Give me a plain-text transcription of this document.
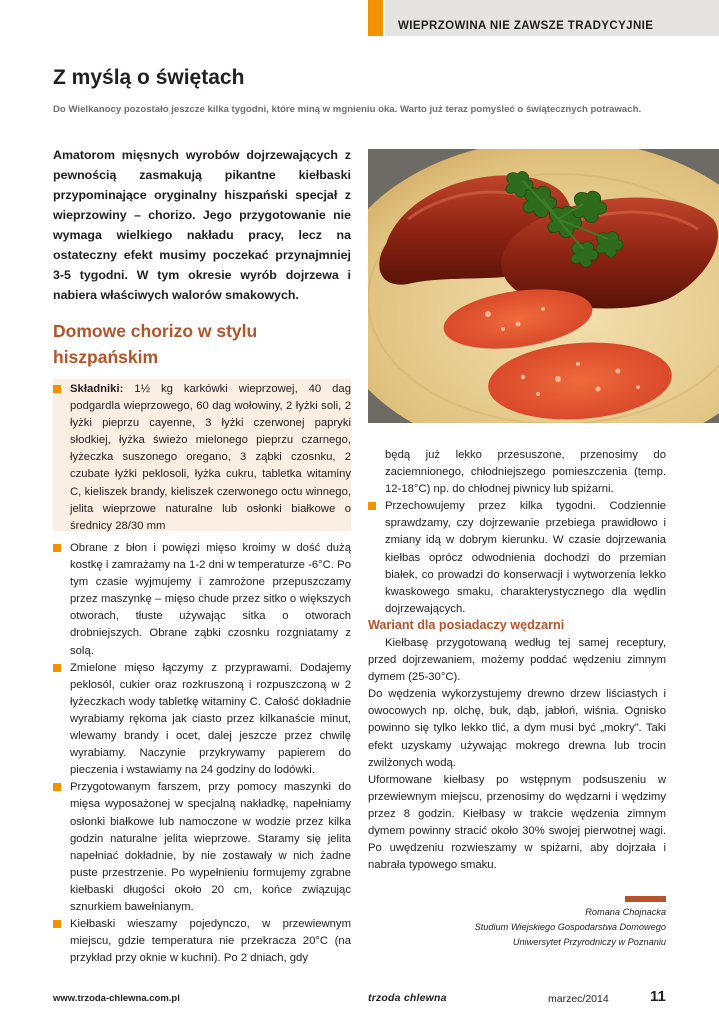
WIEPRZOWINA NIE ZAWSZE TRADYCYJNIE
Z myślą o świętach

Do Wielkanocy pozostało jeszcze kilka tygodni, które miną w mgnieniu oka. Warto już teraz pomyśleć o świątecznych potrawach.

Amatorom mięsnych wyrobów dojrzewających z pewnością zasmakują pikantne kiełbaski przypominające oryginalny hiszpański specjał z wieprzowiny – chorizo. Jego przygotowanie nie wymaga wielkiego nakładu pracy, lecz na ostateczny efekt musimy poczekać przynajmniej 3-5 tygodni. W tym okresie wyrób dojrzewa i nabiera właściwych walorów smakowych.

Domowe chorizo w stylu hiszpańskim
Składniki: 1½ kg karkówki wieprzowej, 40 dag podgardla wieprzowego, 60 dag wołowiny, 2 łyżki soli, 2 łyżki pieprzu cayenne, 3 łyżki czerwonej papryki słodkiej, łyżka świeżo mielonego pieprzu czarnego, łyżeczka suszonego oregano, 3 ząbki czosnku, 2 czubate łyżki peklosoli, łyżka cukru, tabletka witaminy C, kieliszek brandy, kieliszek czerwonego octu winnego, jelita wieprzowe naturalne lub osłonki białkowe o średnicy 28/30 mm
Obrane z błon i powięzi mięso kroimy w dość dużą kostkę i zamrażamy na 1-2 dni w temperaturze -6°C. Po tym czasie wyjmujemy i zamrożone przepuszczamy przez maszynkę – mięso chude przez sitko o większych otworach, tłuste używając sitka o otworach drobniejszych. Obrane ząbki czosnku rozgniatamy z solą.
Zmielone mięso łączymy z przyprawami. Dodajemy peklosól, cukier oraz rozkruszoną i rozpuszczoną w 2 łyżeczkach wody tabletkę witaminy C. Całość dokładnie wyrabiamy rękoma jak ciasto przez kilkanaście minut, wlewamy brandy i ocet, dalej jeszcze przez chwilę wyrabiamy. Naczynie przykrywamy papierem do pieczenia i wstawiamy na 24 godziny do lodówki.
Przygotowanym farszem, przy pomocy maszynki do mięsa wyposażonej w specjalną nakładkę, napełniamy osłonki białkowe lub namoczone w wodzie przez kilka godzin naturalne jelita wieprzowe. Staramy się jelita napełniać dokładnie, by nie zostawały w nich żadne puste przestrzenie. Po wypełnieniu formujemy zgrabne kiełbaski długości około 20 cm, końce związując sznurkiem bawełnianym.
Kiełbaski wieszamy pojedynczo, w przewiewnym miejscu, gdzie temperatura nie przekracza 20°C (na przykład przy oknie w kuchni). Po 2 dniach, gdy

będą już lekko przesuszone, przenosimy do zaciemnionego, chłodniejszego pomieszczenia (temp. 12-18°C) np. do chłodnej piwnicy lub spiżarni.

Przechowujemy przez kilka tygodni. Codziennie sprawdzamy, czy dojrzewanie przebiega prawidłowo i zmiany idą w dobrym kierunku. W czasie dojrzewania kiełbas oprócz odwodnienia dochodzi do przemian białek, co prowadzi do konserwacji i wytworzenia lekko kwaskowego smaku, charakterystycznego dla wędlin dojrzewających.
Wariant dla posiadaczy wędzarni

Kiełbasę przygotowaną według tej samej receptury, przed dojrzewaniem, możemy poddać wędzeniu zimnym dymem (25-30°C).

Do wędzenia wykorzystujemy drewno drzew liściastych i owocowych np. olchę, buk, dąb, jabłoń, wiśnia. Ognisko powinno się tylko lekko tlić, a dym musi być „mokry”. Taki efekt uzyskamy używając mokrego drewna lub trocin zwilżonych wodą.

Uformowane kiełbasy po wstępnym podsuszeniu w przewiewnym miejscu, przenosimy do wędzarni i wędzimy przez 8 godzin. Kiełbasy w trakcie wędzenia zimnym dymem powinny stracić około 30% swojej pierwotnej wagi. Po uwędzeniu rozwieszamy w spiżarni, aby dojrzała i nabrała typowego smaku.

Romana Chojnacka
Studium Wiejskiego Gospodarstwa Domowego
Uniwersytet Przyrodniczy w Poznaniu
www.trzoda-chlewna.com.pl	trzoda chlewna	marzec/2014	11
